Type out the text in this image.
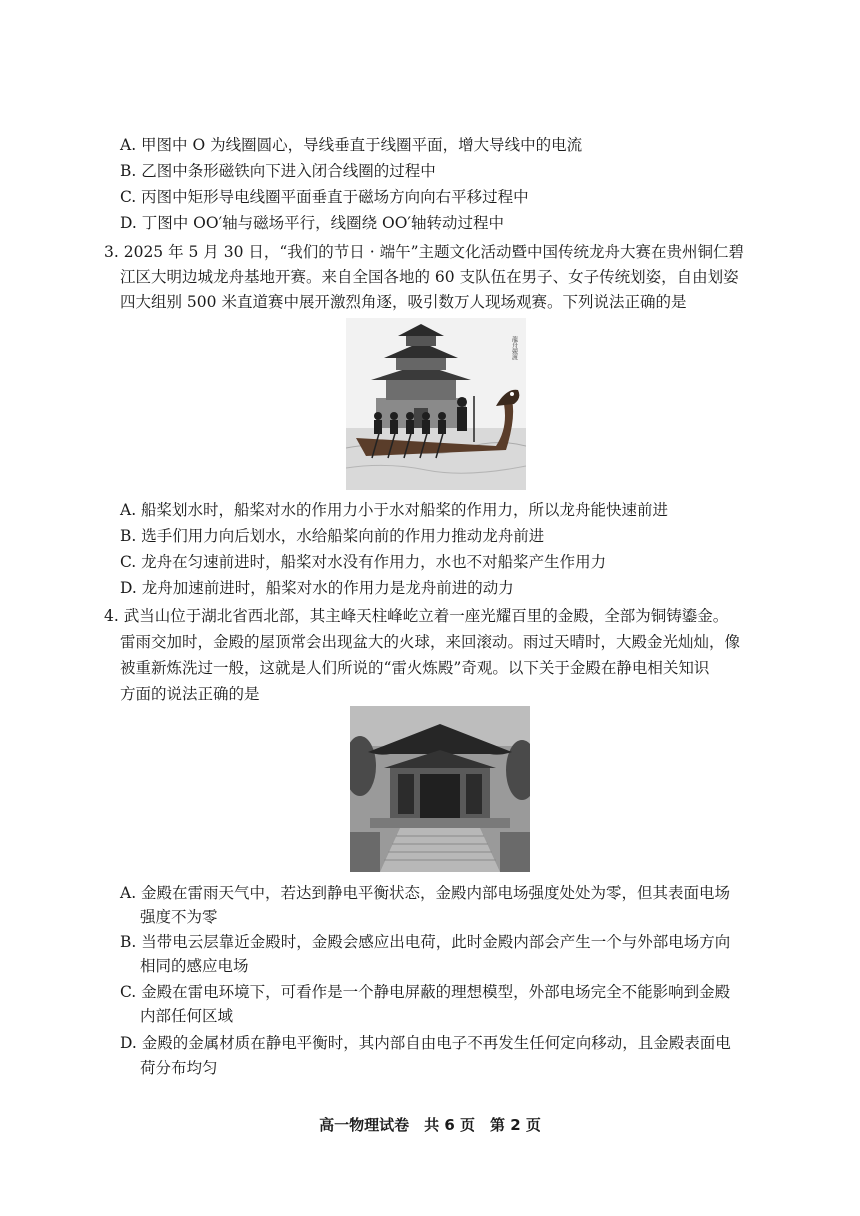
A. 甲图中 O 为线圈圆心，导线垂直于线圈平面，增大导线中的电流
B. 乙图中条形磁铁向下进入闭合线圈的过程中
C. 丙图中矩形导电线圈平面垂直于磁场方向向右平移过程中
D. 丁图中 OO′轴与磁场平行，线圈绕 OO′轴转动过程中
3. 2025 年 5 月 30 日，“我们的节日 · 端午”主题文化活动暨中国传统龙舟大赛在贵州铜仁碧
江区大明边城龙舟基地开赛。来自全国各地的 60 支队伍在男子、女子传统划姿，自由划姿
四大组别 500 米直道赛中展开激烈角逐，吸引数万人现场观赛。下列说法正确的是
龍舟競渡
A. 船桨划水时，船桨对水的作用力小于水对船桨的作用力，所以龙舟能快速前进
B. 选手们用力向后划水，水给船桨向前的作用力推动龙舟前进
C. 龙舟在匀速前进时，船桨对水没有作用力，水也不对船桨产生作用力
D. 龙舟加速前进时，船桨对水的作用力是龙舟前进的动力
4. 武当山位于湖北省西北部，其主峰天柱峰屹立着一座光耀百里的金殿，全部为铜铸鎏金。
雷雨交加时，金殿的屋顶常会出现盆大的火球，来回滚动。雨过天晴时，大殿金光灿灿，像
被重新炼洗过一般，这就是人们所说的“雷火炼殿”奇观。以下关于金殿在静电相关知识
方面的说法正确的是
A. 金殿在雷雨天气中，若达到静电平衡状态，金殿内部电场强度处处为零，但其表面电场
强度不为零
B. 当带电云层靠近金殿时，金殿会感应出电荷，此时金殿内部会产生一个与外部电场方向
相同的感应电场
C. 金殿在雷电环境下，可看作是一个静电屏蔽的理想模型，外部电场完全不能影响到金殿
内部任何区域
D. 金殿的金属材质在静电平衡时，其内部自由电子不再发生任何定向移动，且金殿表面电
荷分布均匀
高一物理试卷　共 6 页　第 2 页
